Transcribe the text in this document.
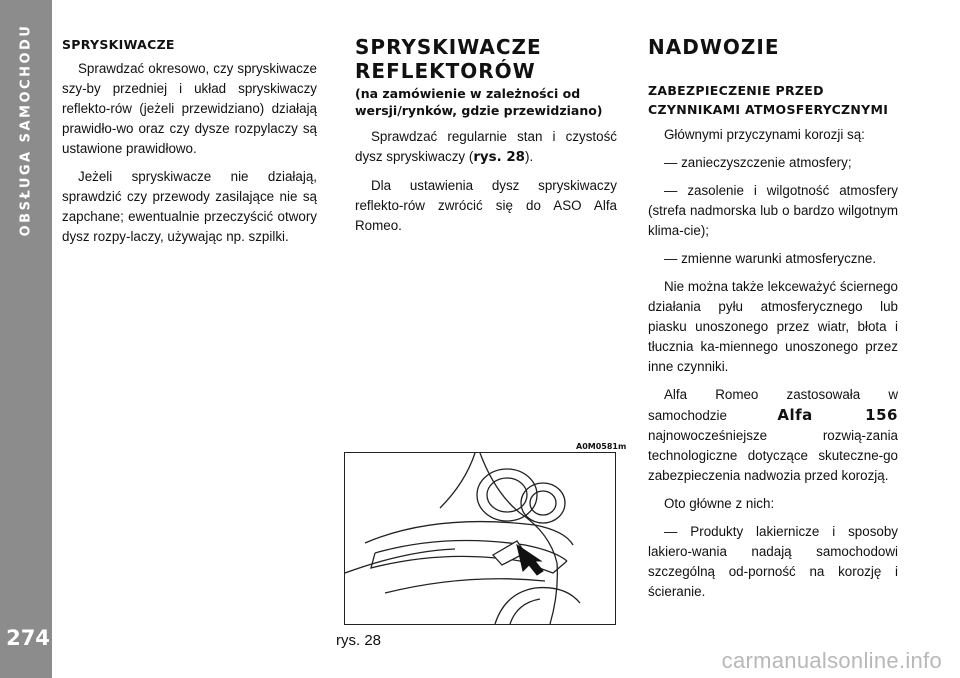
OBSŁUGA SAMOCHODU
274
SPRYSKIWACZE

Sprawdzać okresowo, czy spryskiwacze szy-by przedniej i układ spryskiwaczy reflekto-rów (jeżeli przewidziano) działają prawidło-wo oraz czy dysze rozpylaczy są ustawione prawidłowo.

Jeżeli spryskiwacze nie działają, sprawdzić czy przewody zasilające nie są zapchane; ewentualnie przeczyścić otwory dysz rozpy-laczy, używając np. szpilki.

SPRYSKIWACZE
REFLEKTORÓW
(na zamówienie w zależności od wersji/rynków, gdzie przewidziano)

Sprawdzać regularnie stan i czystość dysz spryskiwaczy (rys. 28).

Dla ustawienia dysz spryskiwaczy reflekto-rów zwrócić się do ASO Alfa Romeo.

A0M0581m
rys. 28
NADWOZIE
ZABEZPIECZENIE PRZED CZYNNIKAMI ATMOSFERYCZNYMI

Głównymi przyczynami korozji są:

— zanieczyszczenie atmosfery;

— zasolenie i wilgotność atmosfery (strefa nadmorska lub o bardzo wilgotnym klima-cie);

— zmienne warunki atmosferyczne.

Nie można także lekceważyć ściernego działania pyłu atmosferycznego lub piasku unoszonego przez wiatr, błota i tłucznia ka-miennego unoszonego przez inne czynniki.

Alfa Romeo zastosowała w samochodzie Alfa 156 najnowocześniejsze rozwią-zania technologiczne dotyczące skuteczne-go zabezpieczenia nadwozia przed korozją.

Oto główne z nich:

— Produkty lakiernicze i sposoby lakiero-wania nadają samochodowi szczególną od-porność na korozję i ścieranie.

carmanualsonline.info
